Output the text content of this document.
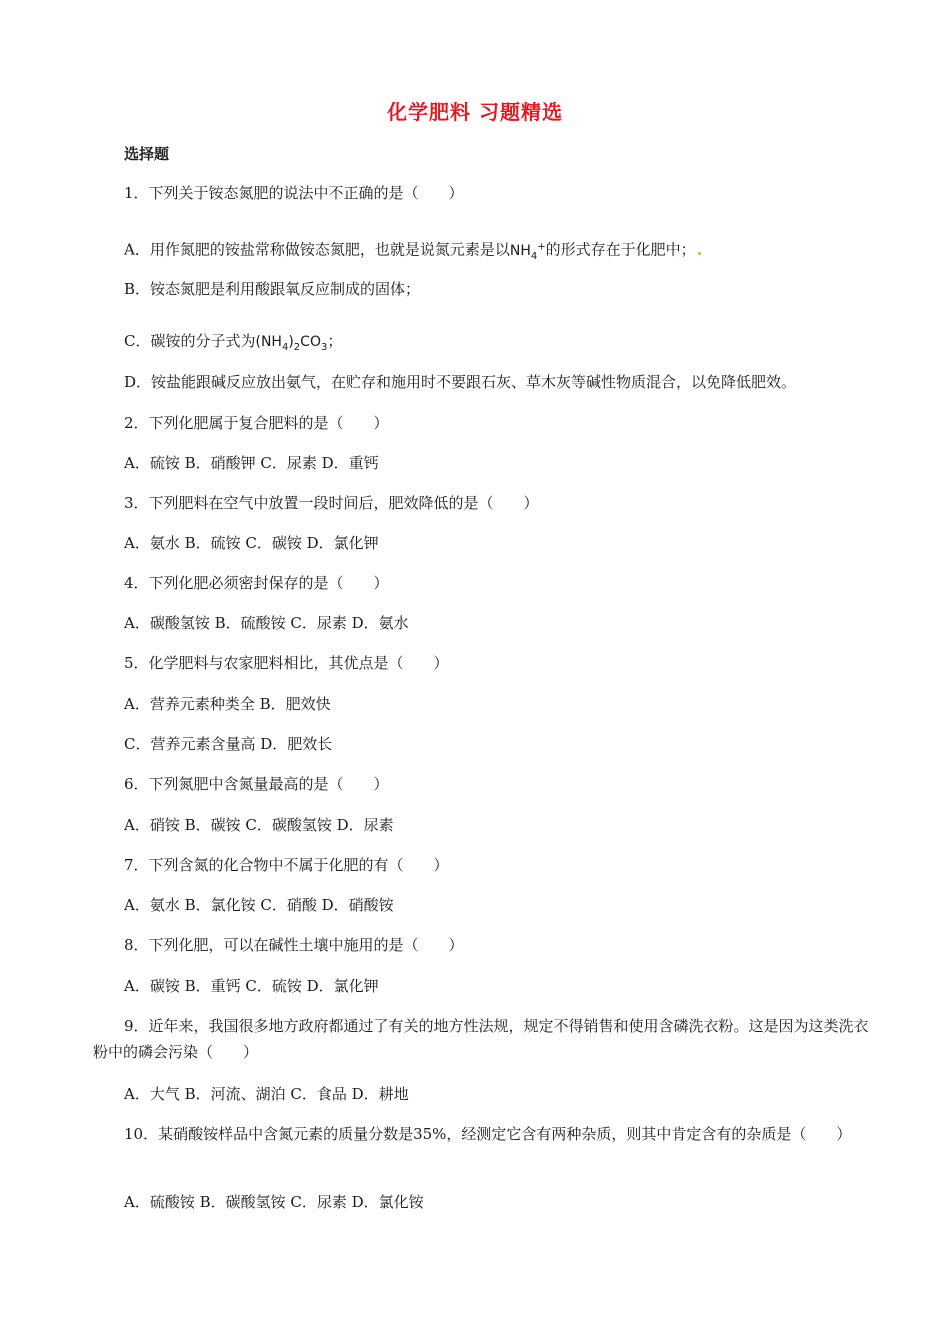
化学肥料 习题精选
选择题
1．下列关于铵态氮肥的说法中不正确的是（　　）
A．用作氮肥的铵盐常称做铵态氮肥，也就是说氮元素是以$NH_4^+$的形式存在于化肥中；
B．铵态氮肥是利用酸跟氧反应制成的固体；
C．碳铵的分子式为$(NH_4)_2CO_3$；
D．铵盐能跟碱反应放出氨气，在贮存和施用时不要跟石灰、草木灰等碱性物质混合，以免降低肥效。
2．下列化肥属于复合肥料的是（　　）
A．硫铵 B．硝酸钾 C．尿素 D．重钙
3．下列肥料在空气中放置一段时间后，肥效降低的是（　　）
A．氨水 B．硫铵 C．碳铵 D．氯化钾
4．下列化肥必须密封保存的是（　　）
A．碳酸氢铵 B．硫酸铵 C．尿素 D．氨水
5．化学肥料与农家肥料相比，其优点是（　　）
A．营养元素种类全 B．肥效快
C．营养元素含量高 D．肥效长
6．下列氮肥中含氮量最高的是（　　）
A．硝铵 B．碳铵 C．碳酸氢铵 D．尿素
7．下列含氮的化合物中不属于化肥的有（　　）
A．氨水 B．氯化铵 C．硝酸 D．硝酸铵
8．下列化肥，可以在碱性土壤中施用的是（　　）
A．碳铵 B．重钙 C．硫铵 D．氯化钾
9．近年来，我国很多地方政府都通过了有关的地方性法规，规定不得销售和使用含磷洗衣粉。这是因为这类洗衣粉中的磷会污染（　　）
A．大气 B．河流、湖泊 C．食品 D．耕地
10．某硝酸铵样品中含氮元素的质量分数是35%，经测定它含有两种杂质，则其中肯定含有的杂质是（　　）
A．硫酸铵 B．碳酸氢铵 C．尿素 D．氯化铵
